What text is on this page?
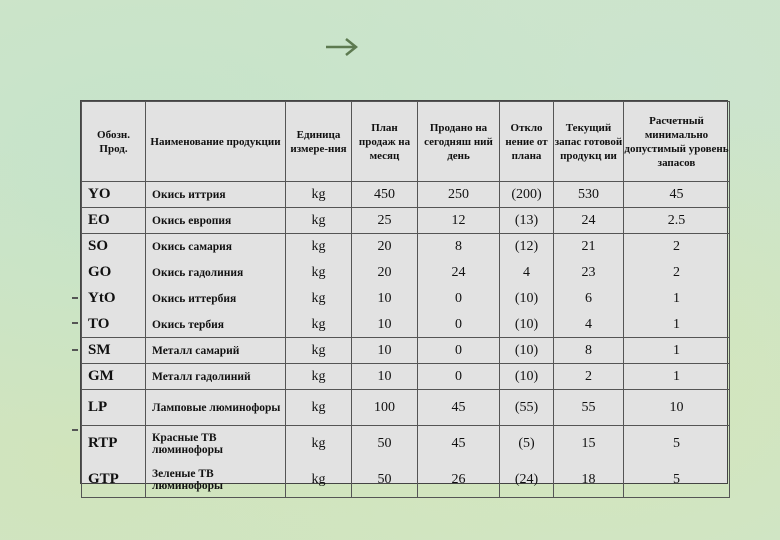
Обозн. Прод.	Наименование продукции	Единица измере-ния	План продаж на месяц	Продано на сегодняш ний день	Откло нение от плана	Текущий запас готовой продукц ии	Расчетный минимально допустимый уровень запасов
YO	Окись иттрия	kg	450	250	(200)	530	45
EO	Окись европия	kg	25	12	(13)	24	2.5
SO	Окись самария	kg	20	8	(12)	21	2
GO	Окись гадолиния	kg	20	24	4	23	2
YtO	Окись иттербия	kg	10	0	(10)	6	1
TO	Окись тербия	kg	10	0	(10)	4	1
SM	Металл самарий	kg	10	0	(10)	8	1
GM	Металл гадолиний	kg	10	0	(10)	2	1
LP	Ламповые люминофоры	kg	100	45	(55)	55	10
RTP	Красные ТВ люминофоры	kg	50	45	(5)	15	5
GTP	Зеленые ТВ люминофоры	kg	50	26	(24)	18	5
